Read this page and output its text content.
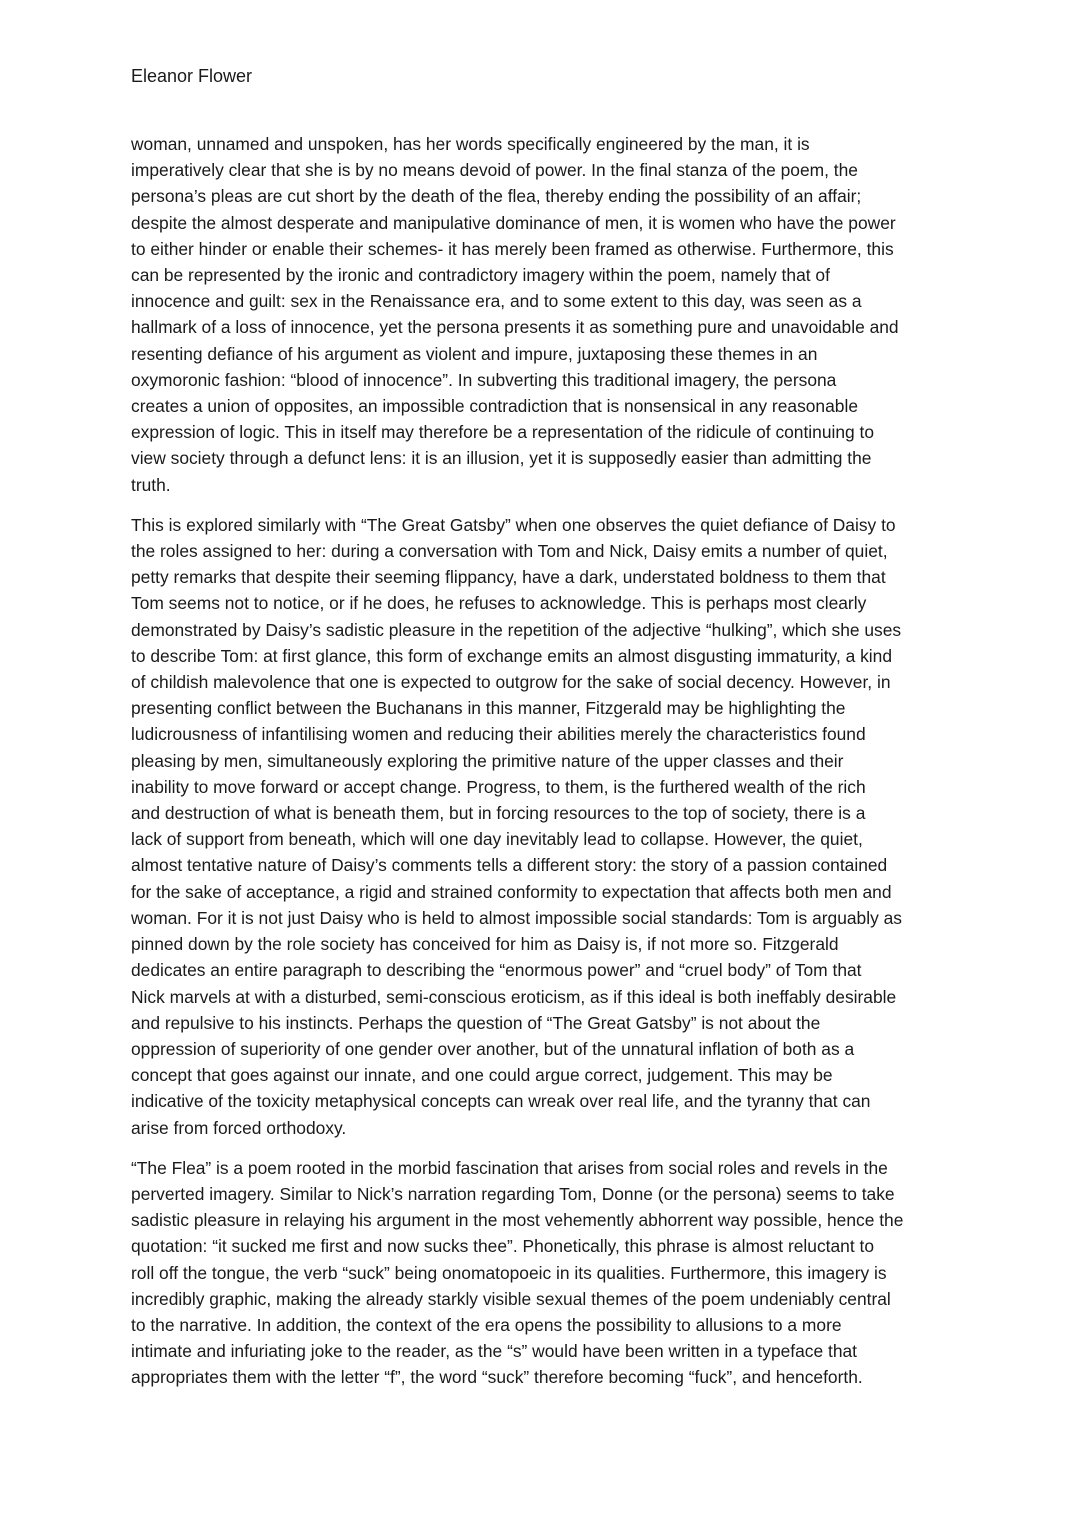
Eleanor Flower

woman, unnamed and unspoken, has her words specifically engineered by the man, it is
imperatively clear that she is by no means devoid of power. In the final stanza of the poem, the
persona’s pleas are cut short by the death of the flea, thereby ending the possibility of an affair;
despite the almost desperate and manipulative dominance of men, it is women who have the power
to either hinder or enable their schemes- it has merely been framed as otherwise. Furthermore, this
can be represented by the ironic and contradictory imagery within the poem, namely that of
innocence and guilt: sex in the Renaissance era, and to some extent to this day, was seen as a
hallmark of a loss of innocence, yet the persona presents it as something pure and unavoidable and
resenting defiance of his argument as violent and impure, juxtaposing these themes in an
oxymoronic fashion: “blood of innocence”. In subverting this traditional imagery, the persona
creates a union of opposites, an impossible contradiction that is nonsensical in any reasonable
expression of logic. This in itself may therefore be a representation of the ridicule of continuing to
view society through a defunct lens: it is an illusion, yet it is supposedly easier than admitting the
truth.

This is explored similarly with “The Great Gatsby” when one observes the quiet defiance of Daisy to
the roles assigned to her: during a conversation with Tom and Nick, Daisy emits a number of quiet,
petty remarks that despite their seeming flippancy, have a dark, understated boldness to them that
Tom seems not to notice, or if he does, he refuses to acknowledge. This is perhaps most clearly
demonstrated by Daisy’s sadistic pleasure in the repetition of the adjective “hulking”, which she uses
to describe Tom: at first glance, this form of exchange emits an almost disgusting immaturity, a kind
of childish malevolence that one is expected to outgrow for the sake of social decency. However, in
presenting conflict between the Buchanans in this manner, Fitzgerald may be highlighting the
ludicrousness of infantilising women and reducing their abilities merely the characteristics found
pleasing by men, simultaneously exploring the primitive nature of the upper classes and their
inability to move forward or accept change. Progress, to them, is the furthered wealth of the rich
and destruction of what is beneath them, but in forcing resources to the top of society, there is a
lack of support from beneath, which will one day inevitably lead to collapse. However, the quiet,
almost tentative nature of Daisy’s comments tells a different story: the story of a passion contained
for the sake of acceptance, a rigid and strained conformity to expectation that affects both men and
woman. For it is not just Daisy who is held to almost impossible social standards: Tom is arguably as
pinned down by the role society has conceived for him as Daisy is, if not more so. Fitzgerald
dedicates an entire paragraph to describing the “enormous power” and “cruel body” of Tom that
Nick marvels at with a disturbed, semi-conscious eroticism, as if this ideal is both ineffably desirable
and repulsive to his instincts. Perhaps the question of “The Great Gatsby” is not about the
oppression of superiority of one gender over another, but of the unnatural inflation of both as a
concept that goes against our innate, and one could argue correct, judgement. This may be
indicative of the toxicity metaphysical concepts can wreak over real life, and the tyranny that can
arise from forced orthodoxy.

“The Flea” is a poem rooted in the morbid fascination that arises from social roles and revels in the
perverted imagery. Similar to Nick’s narration regarding Tom, Donne (or the persona) seems to take
sadistic pleasure in relaying his argument in the most vehemently abhorrent way possible, hence the
quotation: “it sucked me first and now sucks thee”. Phonetically, this phrase is almost reluctant to
roll off the tongue, the verb “suck” being onomatopoeic in its qualities. Furthermore, this imagery is
incredibly graphic, making the already starkly visible sexual themes of the poem undeniably central
to the narrative. In addition, the context of the era opens the possibility to allusions to a more
intimate and infuriating joke to the reader, as the “s” would have been written in a typeface that
appropriates them with the letter “f”, the word “suck” therefore becoming “fuck”, and henceforth.
